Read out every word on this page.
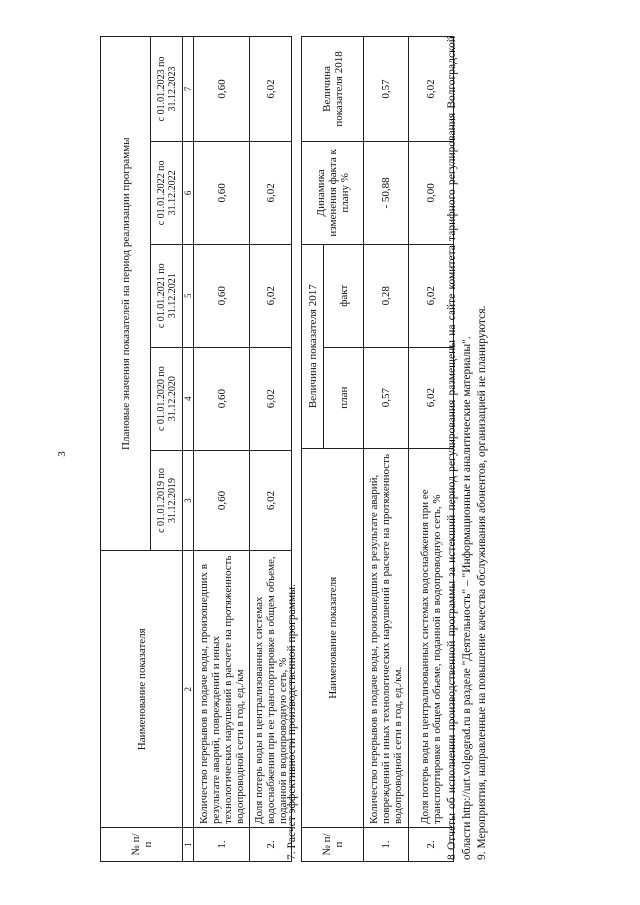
3
№ п/п	Наименование показателя	Плановые значения показателей на период реализации программы				
		с 01.01.2019 по 31.12.2019	с 01.01.2020 по 31.12.2020	с 01.01.2021 по 31.12.2021	с 01.01.2022 по 31.12.2022	с 01.01.2023 по 31.12.2023
1	2	3	4	5	6	7
1.	Количество перерывов в подаче воды, произошедших в результате аварий, повреждений и иных технологических нарушений в расчете на протяженность водопроводной сети в год, ед./км	0,60	0,60	0,60	0,60	0,60
2.	Доля потерь воды в централизованных системах водоснабжения при ее транспортировке в общем объеме, поданной в водопроводную сеть, %	6,02	6,02	6,02	6,02	6,02
7. Расчет эффективности производственной программы. № п/п	Наименование показателя	Величина показателя 2017		Динамика изменения факта к плану %	Величина показателя 2018
		план	факт		
1.	Количество перерывов в подаче воды, произошедших в результате аварий, повреждений и иных технологических нарушений в расчете на протяженность водопроводной сети в год, ед./км.	0,57	0,28	- 50,88	0,57
2.	Доля потерь воды в централизованных системах водоснабжения при ее транспортировке в общем объеме, поданной в водопроводную сеть, %	6,02	6,02	0,00	6,02 8 Отчеты об исполнении производственной программы за истекший период регулирования размещены на сайте комитета тарифного регулирования Волгоградской области http://urt.volgograd.ru в разделе "Деятельность" – "Информационные и аналитические материалы". 9. Мероприятия, направленные на повышение качества обслуживания абонентов, организацией не планируются.
